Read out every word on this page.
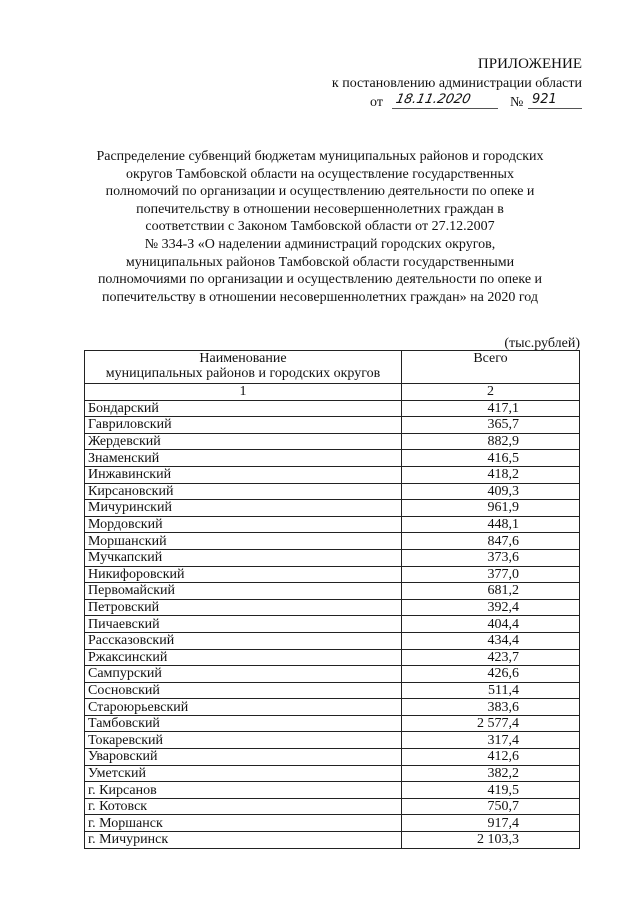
ПРИЛОЖЕНИЕ
к постановлению администрации области
от 18.11.2020	№ 921
Распределение субвенций бюджетам муниципальных районов и городских
округов Тамбовской области на осуществление государственных
полномочий по организации и осуществлению деятельности по опеке и
попечительству в отношении несовершеннолетних граждан в
соответствии с Законом Тамбовской области от 27.12.2007
№ 334-З «О наделении администраций городских округов,
муниципальных районов Тамбовской области государственными
полномочиями по организации и осуществлению деятельности по опеке и
попечительству в отношении несовершеннолетних граждан» на 2020 год
(тыс.рублей)
Наименование
муниципальных районов и городских округов	Всего
1	2
Бондарский	417,1
Гавриловский	365,7
Жердевский	882,9
Знаменский	416,5
Инжавинский	418,2
Кирсановский	409,3
Мичуринский	961,9
Мордовский	448,1
Моршанский	847,6
Мучкапский	373,6
Никифоровский	377,0
Первомайский	681,2
Петровский	392,4
Пичаевский	404,4
Рассказовский	434,4
Ржаксинский	423,7
Сампурский	426,6
Сосновский	511,4
Староюрьевский	383,6
Тамбовский	2 577,4
Токаревский	317,4
Уваровский	412,6
Уметский	382,2
г. Кирсанов	419,5
г. Котовск	750,7
г. Моршанск	917,4
г. Мичуринск	2 103,3
